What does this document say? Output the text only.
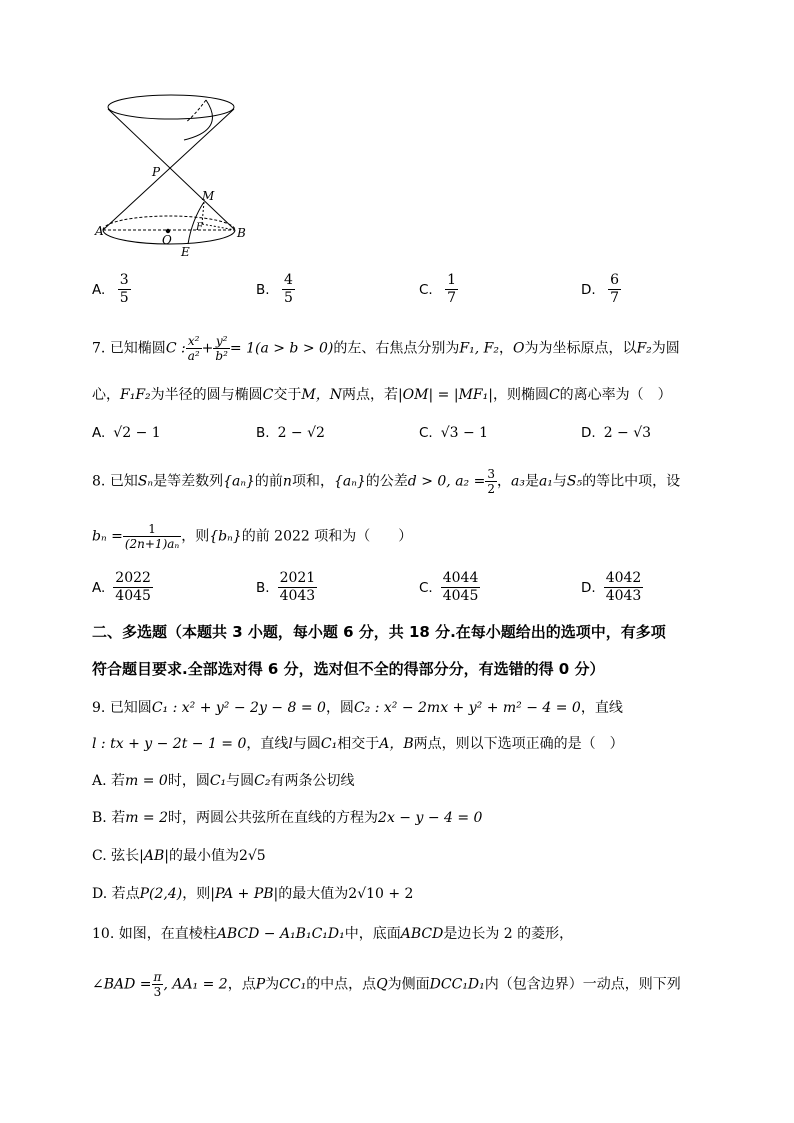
P
M
A
O
F	B
E
A. $\frac{3}{5}$	B. $\frac{4}{5}$	C. $\frac{1}{7}$	D. $\frac{6}{7}$
7. 已知椭圆C : $\frac{\text{x²}}{\text{a²}} + \frac{\text{y²}}{\text{b²}} = 1(a > b > 0)$的左、右焦点分别为F₁, F₂，O为为坐标原点，以F₂为圆
心，F₁F₂为半径的圆与椭圆C交于M，N两点，若|OM| = |MF₁|，则椭圆C的离心率为（　）
A. √2 − 1	B. 2 − √2	C. √3 − 1	D. 2 − √3
8. 已知Sₙ是等差数列{aₙ}的前n项和，{aₙ}的公差d > 0, $a_2 = \frac{3}{2}$ ，a₃是a₁与S₅的等比中项，设
$b_n = \frac{1}{\text{(2n+1)aₙ}}$ ，则{bₙ}的前 2022 项和为（　　）
A. $\frac{2022}{4045}$	B. $\frac{2021}{4043}$	C. $\frac{4044}{4045}$	D. $\frac{4042}{4043}$
二、多选题（本题共 3 小题，每小题 6 分，共 18 分.在每小题给出的选项中，有多项
符合题目要求.全部选对得 6 分，选对但不全的得部分分，有选错的得 0 分）
9. 已知圆C₁ : x² + y² − 2y − 8 = 0，圆C₂ : x² − 2mx + y² + m² − 4 = 0，直线
l : tx + y − 2t − 1 = 0，直线l与圆C₁相交于A，B两点，则以下选项正确的是（　）
A. 若m = 0时，圆C₁与圆C₂有两条公切线
B. 若m = 2时，两圆公共弦所在直线的方程为2x − y − 4 = 0
C. 弦长|AB|的最小值为2√5
D. 若点P(2,4)，则|PA + PB|的最大值为2√10 + 2
10. 如图，在直棱柱ABCD − A₁B₁C₁D₁中，底面ABCD是边长为 2 的菱形，
∠BAD = $\frac{\pi}{3}$ , AA₁ = 2，点P为CC₁的中点，点Q为侧面DCC₁D₁内（包含边界）一动点，则下列
